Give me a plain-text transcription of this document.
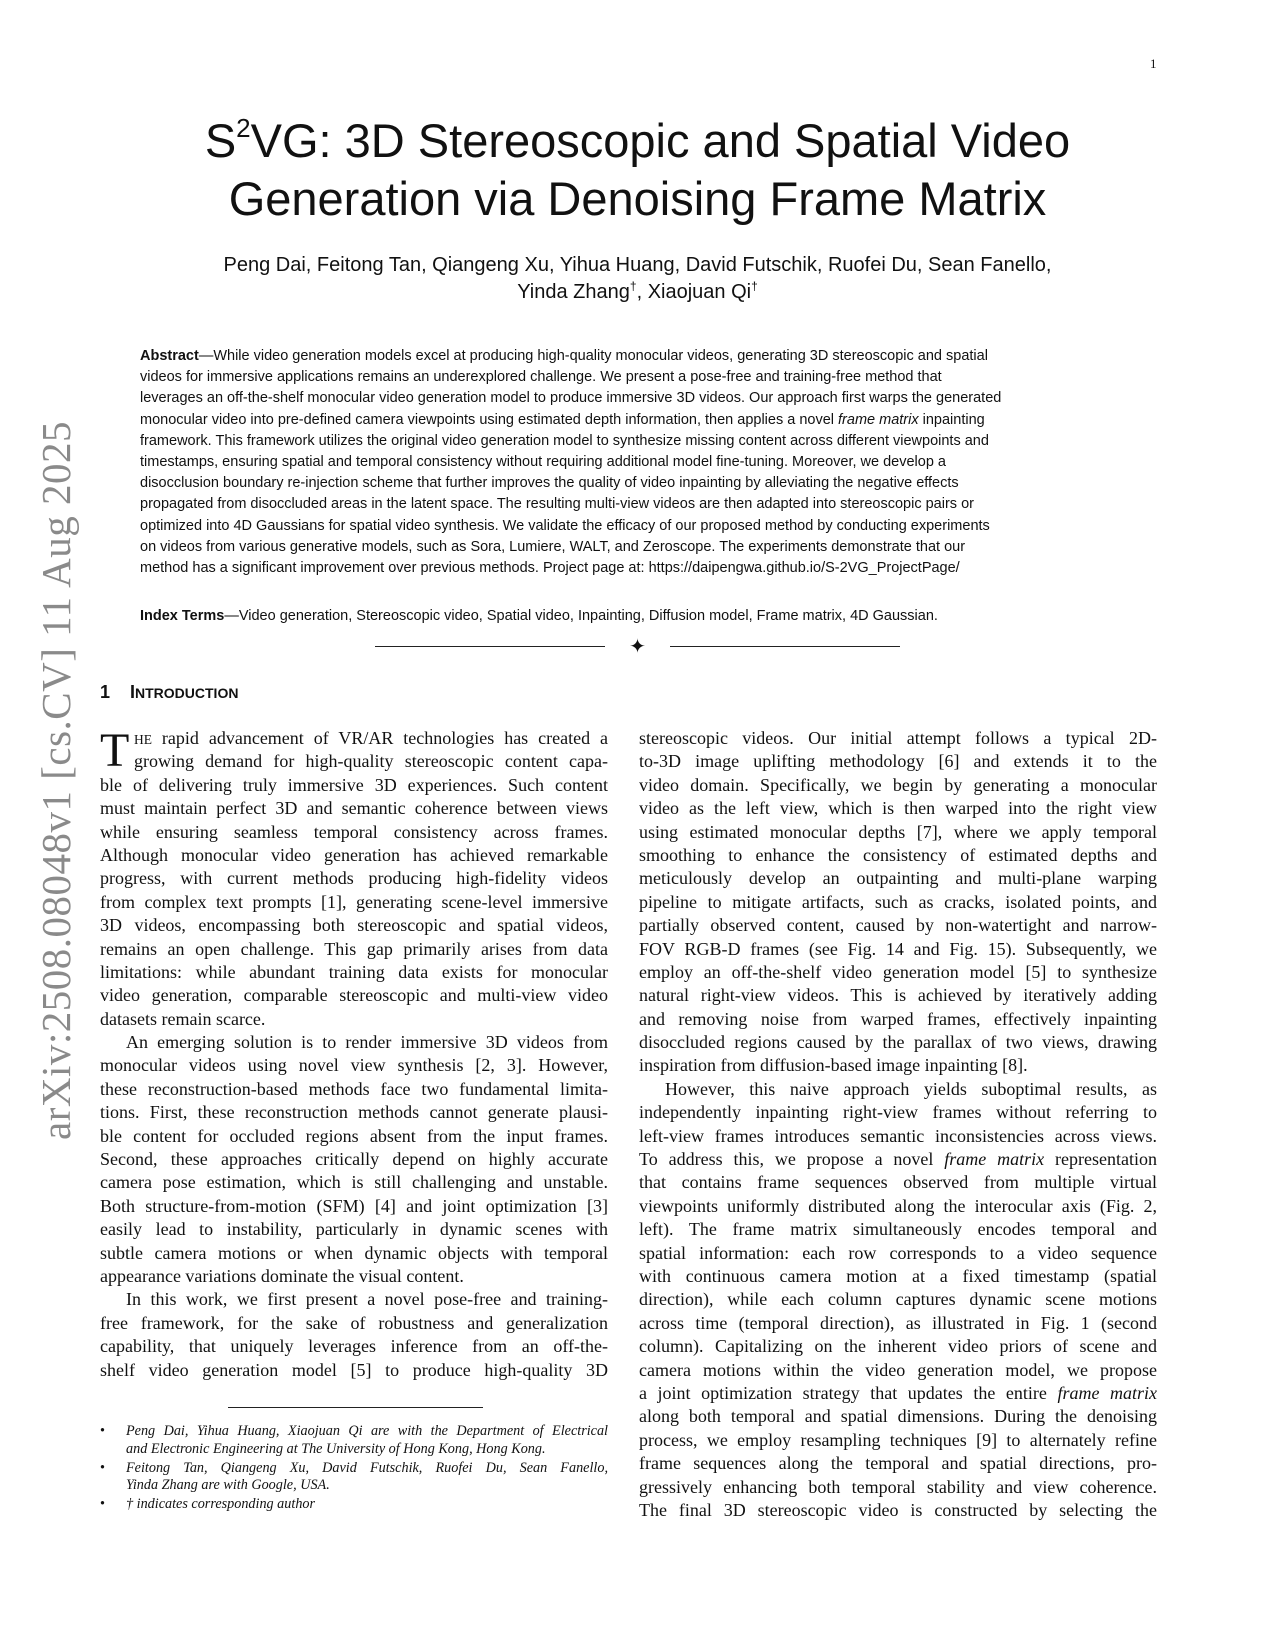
1
arXiv:2508.08048v1 [cs.CV] 11 Aug 2025
$S^2VG$: 3D Stereoscopic and Spatial Video
Generation via Denoising Frame Matrix
Peng Dai, Feitong Tan, Qiangeng Xu, Yihua Huang, David Futschik, Ruofei Du, Sean Fanello,
Yinda Zhang†, Xiaojuan Qi†
Abstract—While video generation models excel at producing high-quality monocular videos, generating 3D stereoscopic and spatial
videos for immersive applications remains an underexplored challenge. We present a pose-free and training-free method that
leverages an off-the-shelf monocular video generation model to produce immersive 3D videos. Our approach first warps the generated
monocular video into pre-defined camera viewpoints using estimated depth information, then applies a novel frame matrix inpainting
framework. This framework utilizes the original video generation model to synthesize missing content across different viewpoints and
timestamps, ensuring spatial and temporal consistency without requiring additional model fine-tuning. Moreover, we develop a
disocclusion boundary re-injection scheme that further improves the quality of video inpainting by alleviating the negative effects
propagated from disoccluded areas in the latent space. The resulting multi-view videos are then adapted into stereoscopic pairs or
optimized into 4D Gaussians for spatial video synthesis. We validate the efficacy of our proposed method by conducting experiments
on videos from various generative models, such as Sora, Lumiere, WALT, and Zeroscope. The experiments demonstrate that our
method has a significant improvement over previous methods. Project page at: https://daipengwa.github.io/S-2VG_ProjectPage/
Index Terms—Video generation, Stereoscopic video, Spatial video, Inpainting, Diffusion model, Frame matrix, 4D Gaussian.
✦
1 INTRODUCTION
T HE rapid advancement of VR/AR technologies has created a
growing demand for high-quality stereoscopic content capa-
ble of delivering truly immersive 3D experiences. Such content
must maintain perfect 3D and semantic coherence between views
while ensuring seamless temporal consistency across frames.
Although monocular video generation has achieved remarkable
progress, with current methods producing high-fidelity videos
from complex text prompts [1], generating scene-level immersive
3D videos, encompassing both stereoscopic and spatial videos,
remains an open challenge. This gap primarily arises from data
limitations: while abundant training data exists for monocular
video generation, comparable stereoscopic and multi-view video
datasets remain scarce.
An emerging solution is to render immersive 3D videos from
monocular videos using novel view synthesis [2, 3]. However,
these reconstruction-based methods face two fundamental limita-
tions. First, these reconstruction methods cannot generate plausi-
ble content for occluded regions absent from the input frames.
Second, these approaches critically depend on highly accurate
camera pose estimation, which is still challenging and unstable.
Both structure-from-motion (SFM) [4] and joint optimization [3]
easily lead to instability, particularly in dynamic scenes with
subtle camera motions or when dynamic objects with temporal
appearance variations dominate the visual content.
In this work, we first present a novel pose-free and training-
free framework, for the sake of robustness and generalization
capability, that uniquely leverages inference from an off-the-
shelf video generation model [5] to produce high-quality 3D
stereoscopic videos. Our initial attempt follows a typical 2D-
to-3D image uplifting methodology [6] and extends it to the
video domain. Specifically, we begin by generating a monocular
video as the left view, which is then warped into the right view
using estimated monocular depths [7], where we apply temporal
smoothing to enhance the consistency of estimated depths and
meticulously develop an outpainting and multi-plane warping
pipeline to mitigate artifacts, such as cracks, isolated points, and
partially observed content, caused by non-watertight and narrow-
FOV RGB-D frames (see Fig. 14 and Fig. 15). Subsequently, we
employ an off-the-shelf video generation model [5] to synthesize
natural right-view videos. This is achieved by iteratively adding
and removing noise from warped frames, effectively inpainting
disoccluded regions caused by the parallax of two views, drawing
inspiration from diffusion-based image inpainting [8].
However, this naive approach yields suboptimal results, as
independently inpainting right-view frames without referring to
left-view frames introduces semantic inconsistencies across views.
To address this, we propose a novel frame matrix representation
that contains frame sequences observed from multiple virtual
viewpoints uniformly distributed along the interocular axis (Fig. 2,
left). The frame matrix simultaneously encodes temporal and
spatial information: each row corresponds to a video sequence
with continuous camera motion at a fixed timestamp (spatial
direction), while each column captures dynamic scene motions
across time (temporal direction), as illustrated in Fig. 1 (second
column). Capitalizing on the inherent video priors of scene and
camera motions within the video generation model, we propose
a joint optimization strategy that updates the entire frame matrix
along both temporal and spatial dimensions. During the denoising
process, we employ resampling techniques [9] to alternately refine
frame sequences along the temporal and spatial directions, pro-
gressively enhancing both temporal stability and view coherence.
The final 3D stereoscopic video is constructed by selecting the
• Peng Dai, Yihua Huang, Xiaojuan Qi are with the Department of Electrical
and Electronic Engineering at The University of Hong Kong, Hong Kong.
• Feitong Tan, Qiangeng Xu, David Futschik, Ruofei Du, Sean Fanello,
Yinda Zhang are with Google, USA.
• † indicates corresponding author
